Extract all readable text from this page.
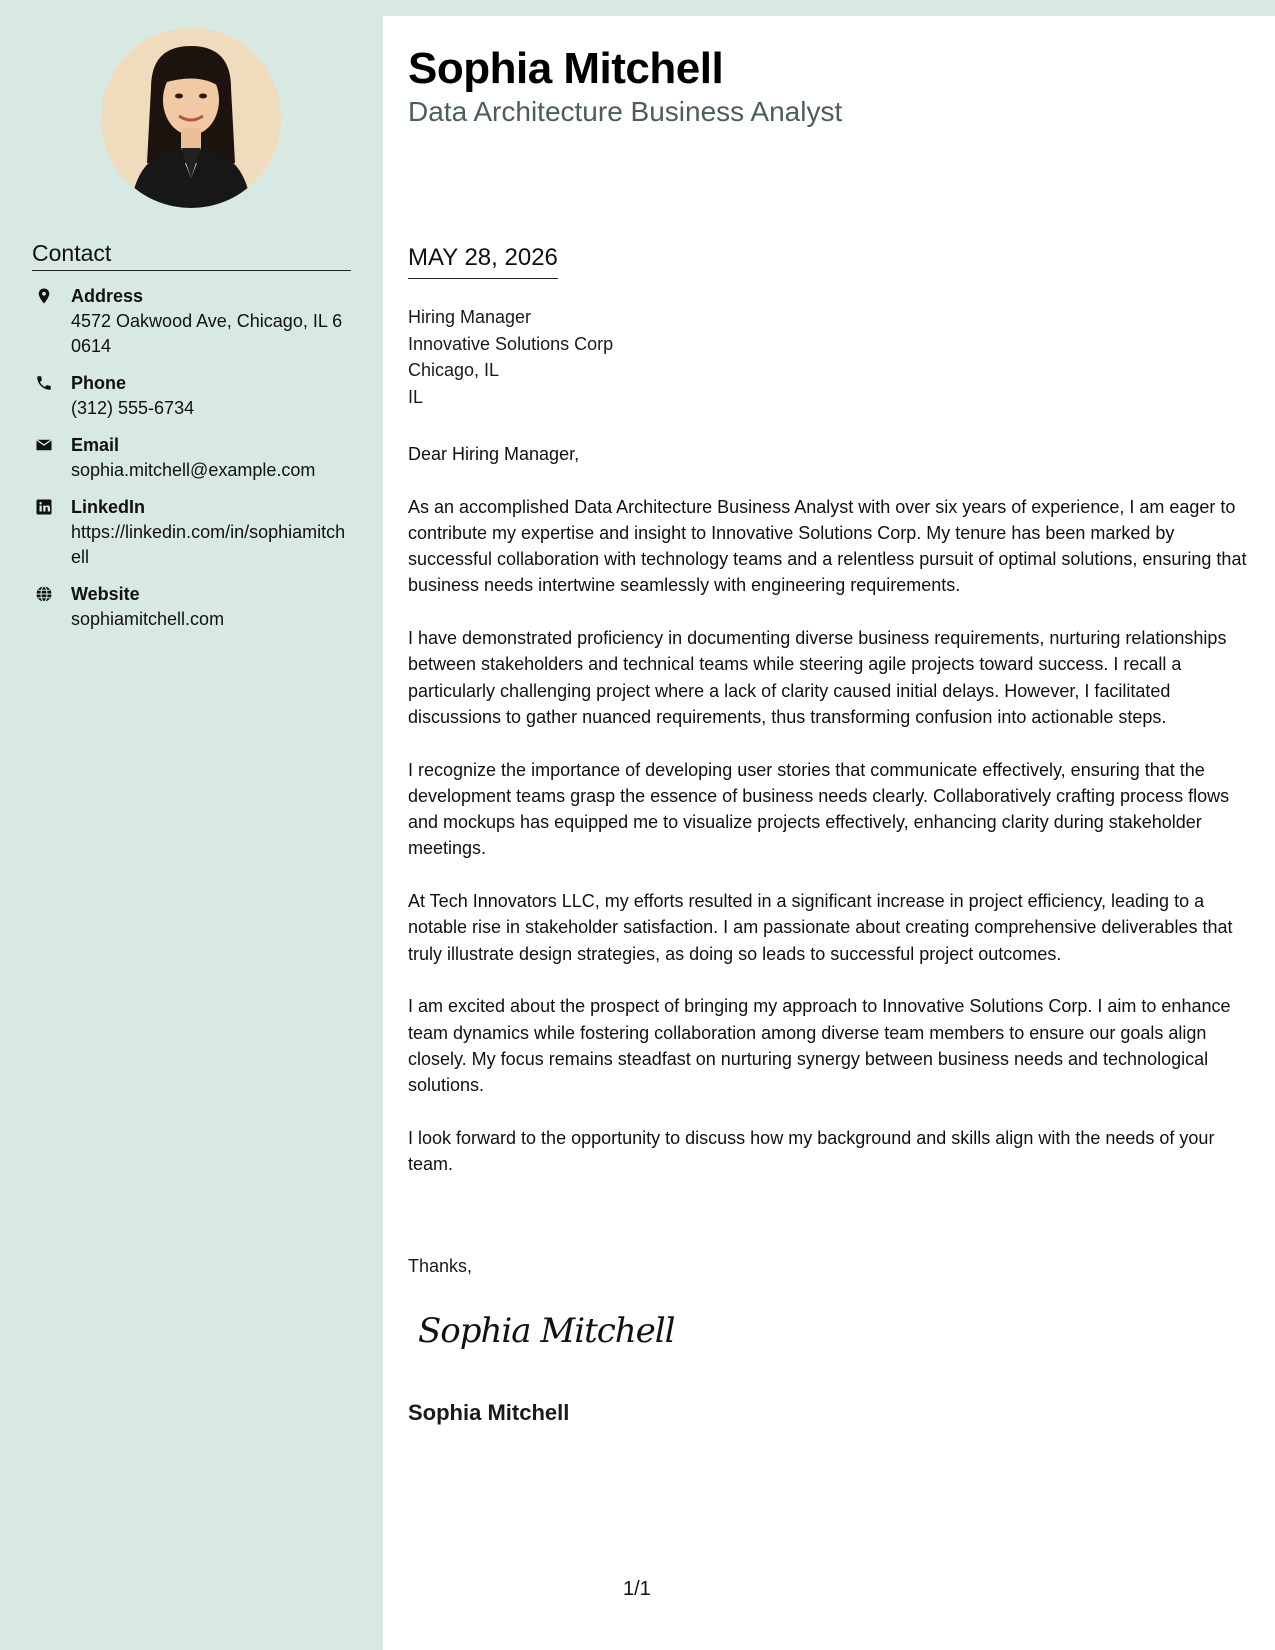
Contact
Address
4572 Oakwood Ave, Chicago, IL 60614
Phone
(312) 555-6734
Email
sophia.mitchell@example.com
LinkedIn
https://linkedin.com/in/sophiamitchell
Website
sophiamitchell.com
Sophia Mitchell
Data Architecture Business Analyst
MAY 28, 2026
Hiring Manager
Innovative Solutions Corp
Chicago, IL
IL

Dear Hiring Manager,

As an accomplished Data Architecture Business Analyst with over six years of experience, I am eager to contribute my expertise and insight to Innovative Solutions Corp. My tenure has been marked by successful collaboration with technology teams and a relentless pursuit of optimal solutions, ensuring that business needs intertwine seamlessly with engineering requirements.

I have demonstrated proficiency in documenting diverse business requirements, nurturing relationships between stakeholders and technical teams while steering agile projects toward success. I recall a particularly challenging project where a lack of clarity caused initial delays. However, I facilitated discussions to gather nuanced requirements, thus transforming confusion into actionable steps.

I recognize the importance of developing user stories that communicate effectively, ensuring that the development teams grasp the essence of business needs clearly. Collaboratively crafting process flows and mockups has equipped me to visualize projects effectively, enhancing clarity during stakeholder meetings.

At Tech Innovators LLC, my efforts resulted in a significant increase in project efficiency, leading to a notable rise in stakeholder satisfaction. I am passionate about creating comprehensive deliverables that truly illustrate design strategies, as doing so leads to successful project outcomes.

I am excited about the prospect of bringing my approach to Innovative Solutions Corp. I aim to enhance team dynamics while fostering collaboration among diverse team members to ensure our goals align closely. My focus remains steadfast on nurturing synergy between business needs and technological solutions.

I look forward to the opportunity to discuss how my background and skills align with the needs of your team.

Thanks,
Sophia Mitchell
Sophia Mitchell
1/1
